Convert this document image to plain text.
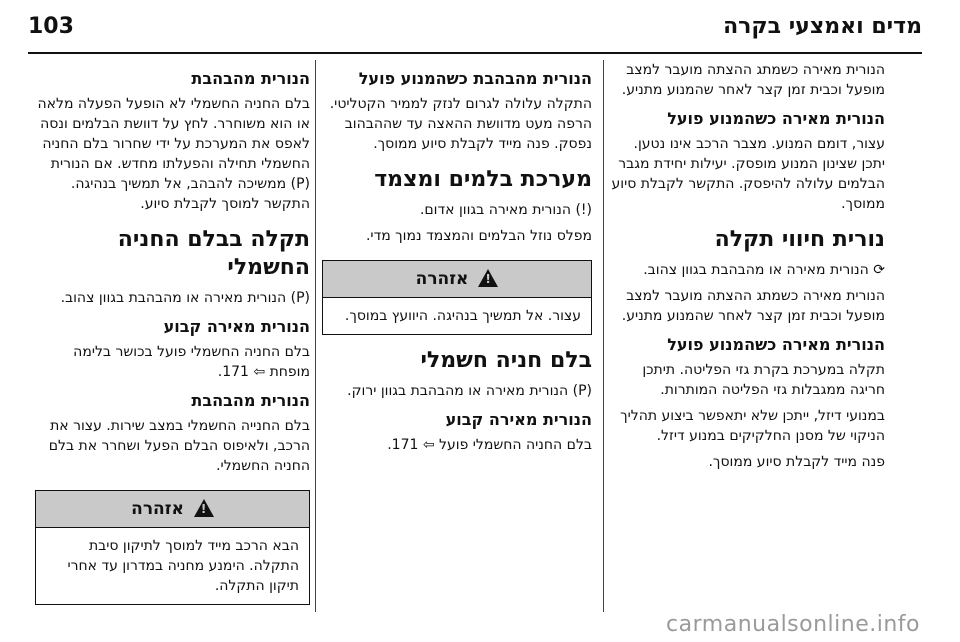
103	מדים ואמצעי בקרה
הנורית מאירה כשמתג ההצתה מועבר למצב מופעל וכבית זמן קצר לאחר שהמנוע מתניע.
הנורית מאירה כשהמנוע פועל
עצור, דומם המנוע. מצבר הרכב אינו נטען. יתכן שצינון המנוע מופסק. יעילות יחידת מגבר הבלמים עלולה להיפסק. התקשר לקבלת סיוע ממוסך.
נורית חיווי תקלה
⟳ הנורית מאירה או מהבהבת בגוון צהוב.
הנורית מאירה כשמתג ההצתה מועבר למצב מופעל וכבית זמן קצר לאחר שהמנוע מתניע.
הנורית מאירה כשהמנוע פועל
תקלה במערכת בקרת גזי הפליטה. תיתכן חריגה ממגבלות גזי הפליטה המותרות.
במנועי דיזל, ייתכן שלא יתאפשר ביצוע תהליך הניקוי של מסנן החלקיקים במנוע דיזל.
פנה מייד לקבלת סיוע ממוסך.
הנורית מהבהבת כשהמנוע פועל
התקלה עלולה לגרום לנזק לממיר הקטליטי. הרפה מעט מדוושת ההאצה עד שההבהוב נפסק. פנה מייד לקבלת סיוע ממוסך.
מערכת בלמים ומצמד
(!) הנורית מאירה בגוון אדום.
מפלס נוזל הבלמים והמצמד נמוך מדי.
! אזהרה
עצור. אל תמשיך בנהיגה. היוועץ במוסך.
בלם חניה חשמלי
(P) הנורית מאירה או מהבהבת בגוון ירוק.
הנורית מאירה קבוע
בלם החניה החשמלי פועל ⇦ 171.
הנורית מהבהבת
בלם החניה החשמלי לא הופעל הפעלה מלאה או הוא משוחרר. לחץ על דוושת הבלמים ונסה לאפס את המערכת על ידי שחרור בלם החניה החשמלי תחילה והפעלתו מחדש. אם הנורית (P) ממשיכה להבהב, אל תמשיך בנהיגה. התקשר למוסך לקבלת סיוע.
תקלה בבלם החניה החשמלי
(P) הנורית מאירה או מהבהבת בגוון צהוב.
הנורית מאירה קבוע
בלם החניה החשמלי פועל בכושר בלימה מופחת ⇦ 171.
הנורית מהבהבת
בלם החנייה החשמלי במצב שירות. עצור את הרכב, ולאיפוס הבלם הפעל ושחרר את בלם החניה החשמלי.
! אזהרה
הבא הרכב מייד למוסך לתיקון סיבת התקלה. הימנע מחניה במדרון עד אחרי תיקון התקלה.
carmanualsonline.info
